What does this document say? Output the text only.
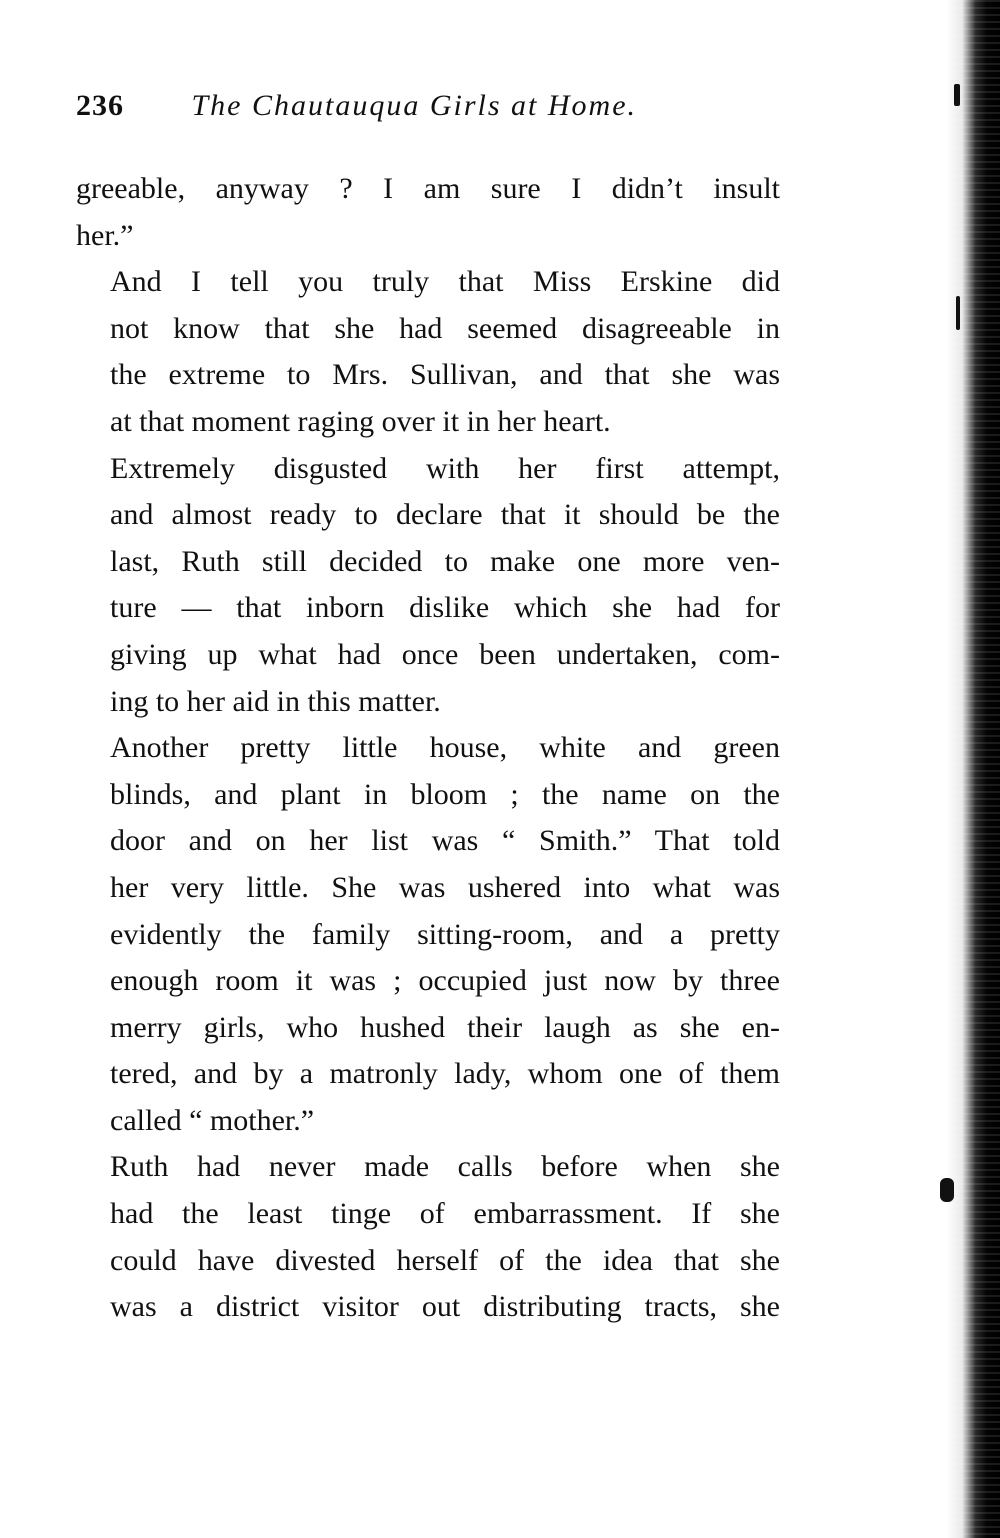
236 The Chautauqua Girls at Home.

greeable, anyway ? I am sure I didn’t insult
her.”

And I tell you truly that Miss Erskine did
not know that she had seemed disagreeable in
the extreme to Mrs. Sullivan, and that she was
at that moment raging over it in her heart.

Extremely disgusted with her first attempt,
and almost ready to declare that it should be the
last, Ruth still decided to make one more ven-
ture — that inborn dislike which she had for
giving up what had once been undertaken, com-
ing to her aid in this matter.

Another pretty little house, white and green
blinds, and plant in bloom ; the name on the
door and on her list was “ Smith.” That told
her very little. She was ushered into what was
evidently the family sitting-room, and a pretty
enough room it was ; occupied just now by three
merry girls, who hushed their laugh as she en-
tered, and by a matronly lady, whom one of them
called “ mother.”

Ruth had never made calls before when she
had the least tinge of embarrassment. If she
could have divested herself of the idea that she
was a district visitor out distributing tracts, she
